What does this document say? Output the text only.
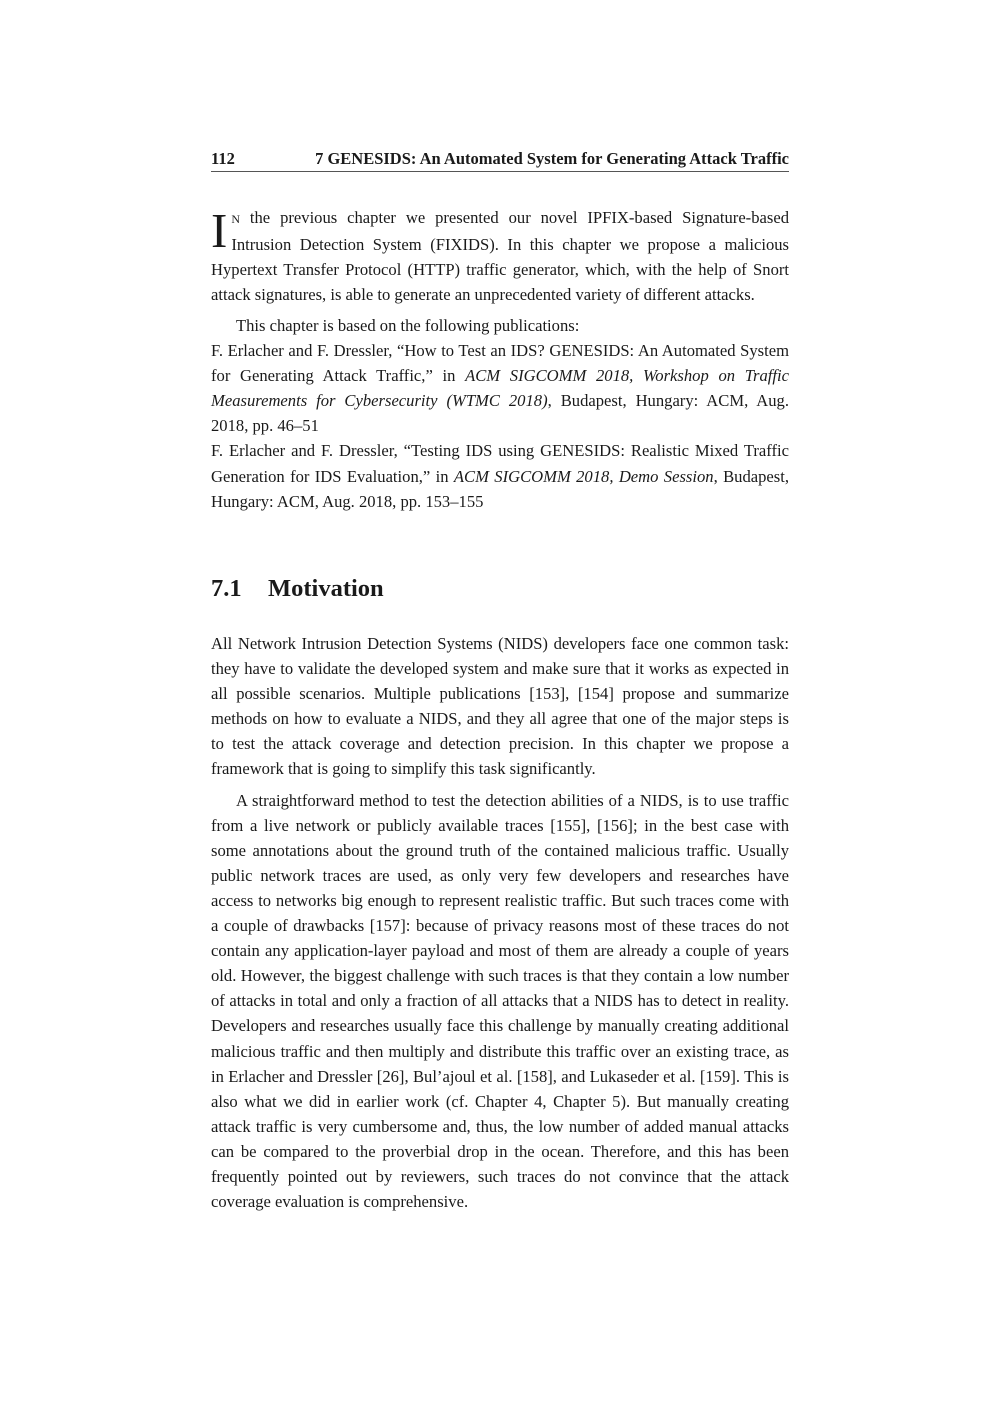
112	7 GENESIDS: An Automated System for Generating Attack Traffic

I N the previous chapter we presented our novel IPFIX-based Signature-based Intrusion Detection System (FIXIDS). In this chapter we propose a malicious Hypertext Transfer Protocol (HTTP) traffic generator, which, with the help of Snort attack signatures, is able to generate an unprecedented variety of different attacks.

This chapter is based on the following publications:

F. Erlacher and F. Dressler, “How to Test an IDS? GENESIDS: An Automated System for Generating Attack Traffic,” in ACM SIGCOMM 2018, Workshop on Traffic Measurements for Cybersecurity (WTMC 2018), Budapest, Hungary: ACM, Aug. 2018, pp. 46–51

F. Erlacher and F. Dressler, “Testing IDS using GENESIDS: Realistic Mixed Traffic Generation for IDS Evaluation,” in ACM SIGCOMM 2018, Demo Session, Budapest, Hungary: ACM, Aug. 2018, pp. 153–155

7.1 Motivation

All Network Intrusion Detection Systems (NIDS) developers face one common task: they have to validate the developed system and make sure that it works as expected in all possible scenarios. Multiple publications [153], [154] propose and summarize methods on how to evaluate a NIDS, and they all agree that one of the major steps is to test the attack coverage and detection precision. In this chapter we propose a framework that is going to simplify this task significantly.

A straightforward method to test the detection abilities of a NIDS, is to use traffic from a live network or publicly available traces [155], [156]; in the best case with some annotations about the ground truth of the contained malicious traffic. Usually public network traces are used, as only very few developers and researches have access to networks big enough to represent realistic traffic. But such traces come with a couple of drawbacks [157]: because of privacy reasons most of these traces do not contain any application-layer payload and most of them are already a couple of years old. However, the biggest challenge with such traces is that they contain a low number of attacks in total and only a fraction of all attacks that a NIDS has to detect in reality. Developers and researches usually face this challenge by manually creating additional malicious traffic and then multiply and distribute this traffic over an existing trace, as in Erlacher and Dressler [26], Bul’ajoul et al. [158], and Lukaseder et al. [159]. This is also what we did in earlier work (cf. Chapter 4, Chapter 5). But manually creating attack traffic is very cumbersome and, thus, the low number of added manual attacks can be compared to the proverbial drop in the ocean. Therefore, and this has been frequently pointed out by reviewers, such traces do not convince that the attack coverage evaluation is comprehensive.
